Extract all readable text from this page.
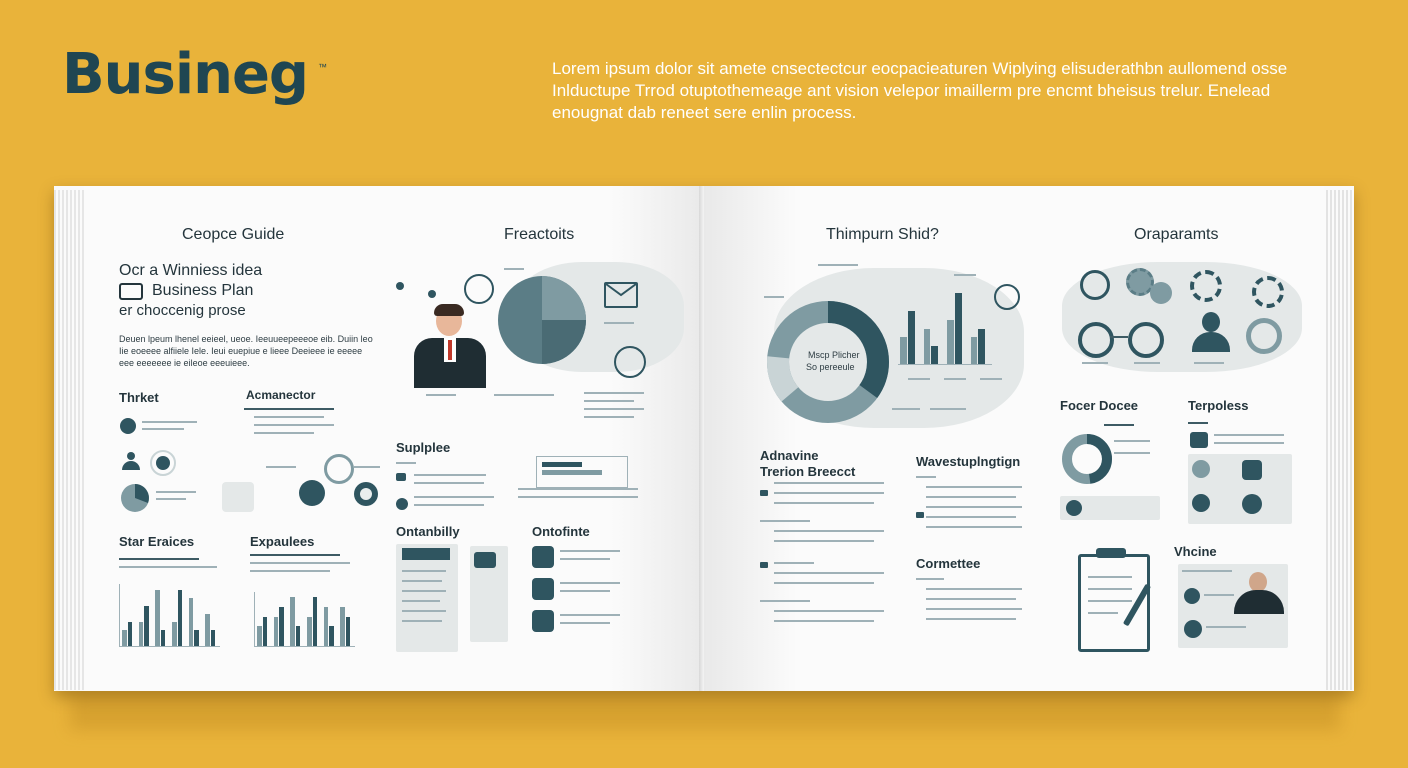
Busineg ™	Lorem ipsum dolor sit amete cnsectectcur eocpacieaturen Wiplying elisuderathbn aullomend osse
Inlductupe Trrod otuptothemeage ant vision velepor imaillerm pre encmt bheisus trelur. Enelead
enougnat dab reneet sere enlin process.
Ceopce Guide
Ocr a Winniess idea
Business Plan
er choccenig prose
Deuen lpeum lhenel eeieel, ueoe. Ieeuueepeeeoe eib. Duiin leo
Iie eoeeee alfiiele Iele. Ieui euepiue e lieee Deeieee ie eeeee
eee eeeeeee ie eileoe eeeuieee.
Thrket	Acmanector
Star Eraices	Expaulees
Freactoits
Suplplee
Ontanbilly	Ontofinte
Thimpurn Shid?
Mscp Plicher
So pereeule
Adnavine
Trerion Breecct
Wavestuplngtign
Cormettee
Oraparamts
Focer Docee	Terpoless
Vhcine
